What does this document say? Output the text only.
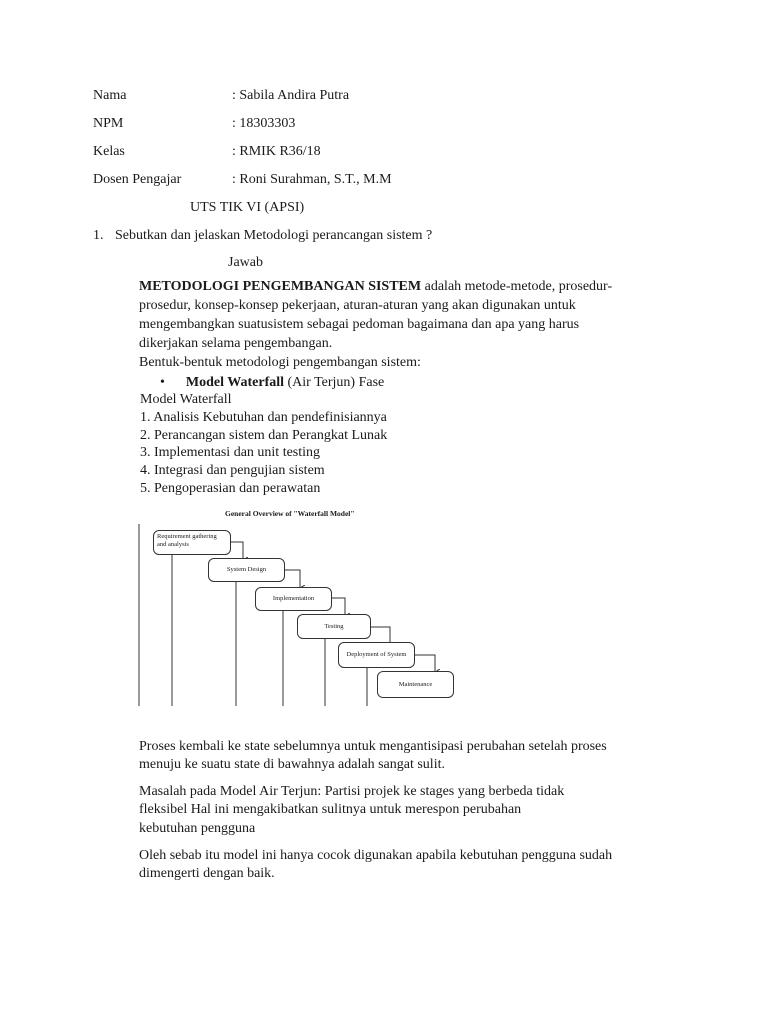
Nama	: Sabila Andira Putra
NPM	: 18303303
Kelas	: RMIK R36/18
Dosen Pengajar	: Roni Surahman, S.T., M.M
UTS TIK VI (APSI)
1. Sebutkan dan jelaskan Metodologi perancangan sistem ?
Jawab
METODOLOGI PENGEMBANGAN SISTEM adalah metode-metode, prosedur-
prosedur, konsep-konsep pekerjaan, aturan-aturan yang akan digunakan untuk
mengembangkan suatusistem sebagai pedoman bagaimana dan apa yang harus
dikerjakan selama pengembangan.
Bentuk-bentuk metodologi pengembangan sistem:
• Model Waterfall (Air Terjun) Fase
Model Waterfall
1. Analisis Kebutuhan dan pendefinisiannya
2. Perancangan sistem dan Perangkat Lunak
3. Implementasi dan unit testing
4. Integrasi dan pengujian sistem
5. Pengoperasian dan perawatan
General Overview of "Waterfall Model"
Requirement gathering and analysis
System Design
Implementation
Testing
Deployment of System
Maintenance
Proses kembali ke state sebelumnya untuk mengantisipasi perubahan setelah proses
menuju ke suatu state di bawahnya adalah sangat sulit.
Masalah pada Model Air Terjun: Partisi projek ke stages yang berbeda tidak
fleksibel Hal ini mengakibatkan sulitnya untuk merespon perubahan
kebutuhan pengguna
Oleh sebab itu model ini hanya cocok digunakan apabila kebutuhan pengguna sudah
dimengerti dengan baik.
